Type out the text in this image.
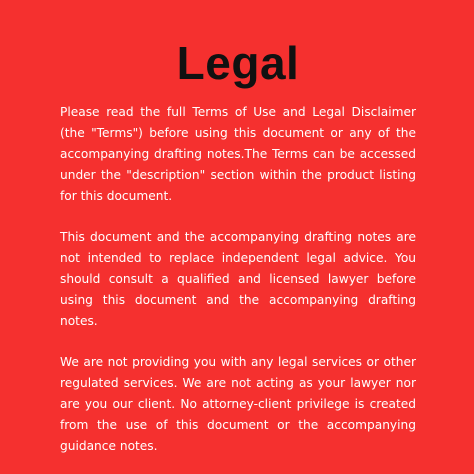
Legal

Please read the full Terms of Use and Legal Disclaimer (the "Terms") before using this document or any of the accompanying drafting notes.The Terms can be accessed under the "description" section within the product listing for this document.

This document and the accompanying drafting notes are not intended to replace independent legal advice. You should consult a qualified and licensed lawyer before using this document and the accompanying drafting notes.

We are not providing you with any legal services or other regulated services. We are not acting as your lawyer nor are you our client. No attorney-client privilege is created from the use of this document or the accompanying guidance notes.
